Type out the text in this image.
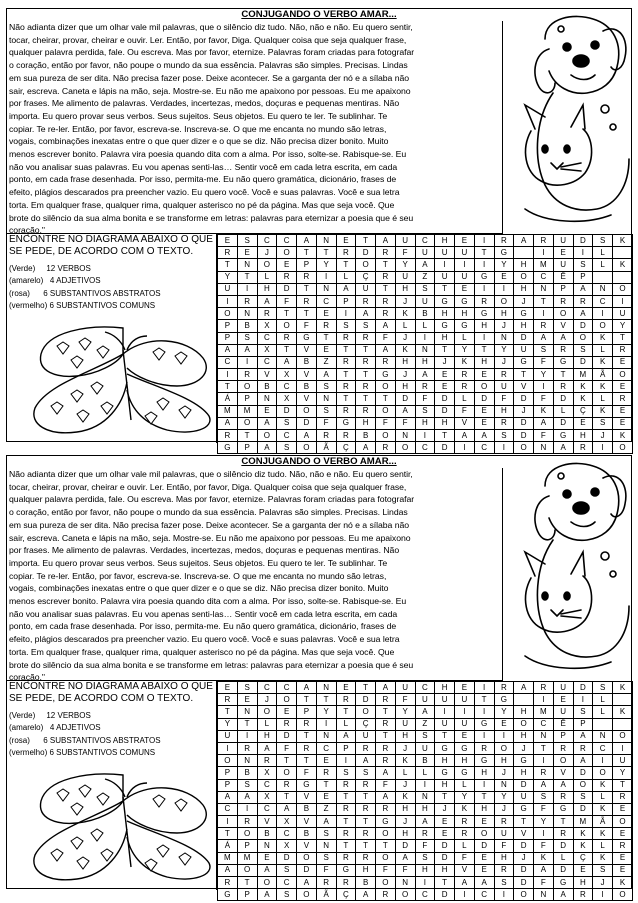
CONJUGANDO O VERBO AMAR...
Não adianta dizer que um olhar vale mil palavras, que o silêncio diz tudo. Não, não e não. Eu quero sentir,
tocar, cheirar, provar, cheirar e ouvir. Ler. Então, por favor, Diga. Qualquer coisa que seja qualquer frase,
qualquer palavra perdida, fale. Ou escreva. Mas por favor, eternize. Palavras foram criadas para fotografar
o coração, então por favor, não poupe o mundo da sua essência. Palavras são simples. Precisas. Lindas
em sua pureza de ser dita. Não precisa fazer pose. Deixe acontecer. Se a garganta der nó e a sílaba não
sair, escreva. Caneta e lápis na mão, seja. Mostre-se. Eu não me apaixono por pessoas. Eu me apaixono
por frases. Me alimento de palavras. Verdades, incertezas, medos, doçuras e pequenas mentiras. Não
importa. Eu quero provar seus verbos. Seus sujeitos. Seus objetos. Eu quero te ler. Te sublinhar. Te
copiar. Te re-ler. Então, por favor, escreva-se. Inscreva-se. O que me encanta no mundo são letras,
vogais, combinações inexatas entre o que quer dizer e o que se diz. Não precisa dizer bonito. Muito
menos escrever bonito. Palavra vira poesia quando dita com a alma. Por isso, solte-se. Rabisque-se. Eu
não vou analisar suas palavras. Eu vou apenas senti-las… Sentir você em cada letra escrita, em cada
ponto, em cada frase desenhada. Por isso, permita-me. Eu não quero gramática, dicionário, frases de
efeito, plágios descarados pra preencher vazio. Eu quero você. Você e suas palavras. Você e sua letra
torta. Em qualquer frase, qualquer rima, qualquer asterisco no pé da página. Mas que seja você. Que
brote do silêncio da sua alma bonita e se transforme em letras: palavras para eternizar a poesia que é seu
coração."
ENCONTRE NO DIAGRAMA ABAIXO O QUE SE PEDE, DE ACORDO COM O TEXTO.
(Verde) 12 VERBOS
(amarelo) 4 ADJETIVOS
(rosa) 6 SUBSTANTIVOS ABSTRATOS
(vermelho) 6 SUBSTANTIVOS COMUNS
E	S	C	C	A	N	E	T	A	U	C	H	E	I	R	A	R	U	D	S	K
R	E	J	O	T	T	R	D	R	F	U	U	U	T	G		I	E	I	L	
T	N	O	E	P	Y	T	O	T	Y	A	I	I	I	Y	H	M	U	S	L	K
Y	T	L	R	R	I	L	Ç	R	U	Z	U	U	G	E	O	C	Ê	P		
U	I	H	D	T	N	A	U	T	H	S	T	E	I	I	H	N	P	A	N	O
I	R	A	F	R	C	P	R	R	J	U	G	G	R	O	J	T	R	R	C	I
O	N	R	T	T	E	I	A	R	K	B	H	H	G	H	G	I	O	A	I	U
P	B	X	O	F	R	S	S	A	L	L	G	G	H	J	H	R	V	D	O	Y
P	S	C	R	G	T	R	R	F	J	I	H	L	I	N	D	A	A	O	K	T
A	A	X	T	V	E	T	T	A	K	N	T	Y	T	Y	U	S	R	S	L	R
C	I	C	A	B	Z	R	R	R	H	H	J	K	H	J	G	F	G	D	K	E
I	R	V	X	V	A	T	T	G	J	A	E	R	E	R	T	Y	T	M	Ã	O
T	O	B	C	B	S	R	R	O	H	R	E	R	O	U	V	I	R	K	K	E
Á	P	N	X	V	N	T	T	T	D	F	D	L	D	F	D	F	D	K	L	R
M	M	E	D	O	S	R	R	O	A	S	D	F	E	H	J	K	L	Ç	K	E
A	O	A	S	D	F	G	H	F	F	H	H	V	E	R	D	A	D	E	S	E
R	T	O	C	A	R	R	B	O	N	I	T	A	A	S	D	F	G	H	J	K
G	P	A	S	O	Ã	Ç	A	R	O	C	D	I	C	I	O	N	A	R	I	O
CONJUGANDO O VERBO AMAR...
Não adianta dizer que um olhar vale mil palavras, que o silêncio diz tudo. Não, não e não. Eu quero sentir,
tocar, cheirar, provar, cheirar e ouvir. Ler. Então, por favor, Diga. Qualquer coisa que seja qualquer frase,
qualquer palavra perdida, fale. Ou escreva. Mas por favor, eternize. Palavras foram criadas para fotografar
o coração, então por favor, não poupe o mundo da sua essência. Palavras são simples. Precisas. Lindas
em sua pureza de ser dita. Não precisa fazer pose. Deixe acontecer. Se a garganta der nó e a sílaba não
sair, escreva. Caneta e lápis na mão, seja. Mostre-se. Eu não me apaixono por pessoas. Eu me apaixono
por frases. Me alimento de palavras. Verdades, incertezas, medos, doçuras e pequenas mentiras. Não
importa. Eu quero provar seus verbos. Seus sujeitos. Seus objetos. Eu quero te ler. Te sublinhar. Te
copiar. Te re-ler. Então, por favor, escreva-se. Inscreva-se. O que me encanta no mundo são letras,
vogais, combinações inexatas entre o que quer dizer e o que se diz. Não precisa dizer bonito. Muito
menos escrever bonito. Palavra vira poesia quando dita com a alma. Por isso, solte-se. Rabisque-se. Eu
não vou analisar suas palavras. Eu vou apenas senti-las… Sentir você em cada letra escrita, em cada
ponto, em cada frase desenhada. Por isso, permita-me. Eu não quero gramática, dicionário, frases de
efeito, plágios descarados pra preencher vazio. Eu quero você. Você e suas palavras. Você e sua letra
torta. Em qualquer frase, qualquer rima, qualquer asterisco no pé da página. Mas que seja você. Que
brote do silêncio da sua alma bonita e se transforme em letras: palavras para eternizar a poesia que é seu
coração."
ENCONTRE NO DIAGRAMA ABAIXO O QUE SE PEDE, DE ACORDO COM O TEXTO.
(Verde) 12 VERBOS
(amarelo) 4 ADJETIVOS
(rosa) 6 SUBSTANTIVOS ABSTRATOS
(vermelho) 6 SUBSTANTIVOS COMUNS
E	S	C	C	A	N	E	T	A	U	C	H	E	I	R	A	R	U	D	S	K
R	E	J	O	T	T	R	D	R	F	U	U	U	T	G		I	E	I	L	
T	N	O	E	P	Y	T	O	T	Y	A	I	I	I	Y	H	M	U	S	L	K
Y	T	L	R	R	I	L	Ç	R	U	Z	U	U	G	E	O	C	Ê	P		
U	I	H	D	T	N	A	U	T	H	S	T	E	I	I	H	N	P	A	N	O
I	R	A	F	R	C	P	R	R	J	U	G	G	R	O	J	T	R	R	C	I
O	N	R	T	T	E	I	A	R	K	B	H	H	G	H	G	I	O	A	I	U
P	B	X	O	F	R	S	S	A	L	L	G	G	H	J	H	R	V	D	O	Y
P	S	C	R	G	T	R	R	F	J	I	H	L	I	N	D	A	A	O	K	T
A	A	X	T	V	E	T	T	A	K	N	T	Y	T	Y	U	S	R	S	L	R
C	I	C	A	B	Z	R	R	R	H	H	J	K	H	J	G	F	G	D	K	E
I	R	V	X	V	A	T	T	G	J	A	E	R	E	R	T	Y	T	M	Ã	O
T	O	B	C	B	S	R	R	O	H	R	E	R	O	U	V	I	R	K	K	E
Á	P	N	X	V	N	T	T	T	D	F	D	L	D	F	D	F	D	K	L	R
M	M	E	D	O	S	R	R	O	A	S	D	F	E	H	J	K	L	Ç	K	E
A	O	A	S	D	F	G	H	F	F	H	H	V	E	R	D	A	D	E	S	E
R	T	O	C	A	R	R	B	O	N	I	T	A	A	S	D	F	G	H	J	K
G	P	A	S	O	Ã	Ç	A	R	O	C	D	I	C	I	O	N	A	R	I	O
